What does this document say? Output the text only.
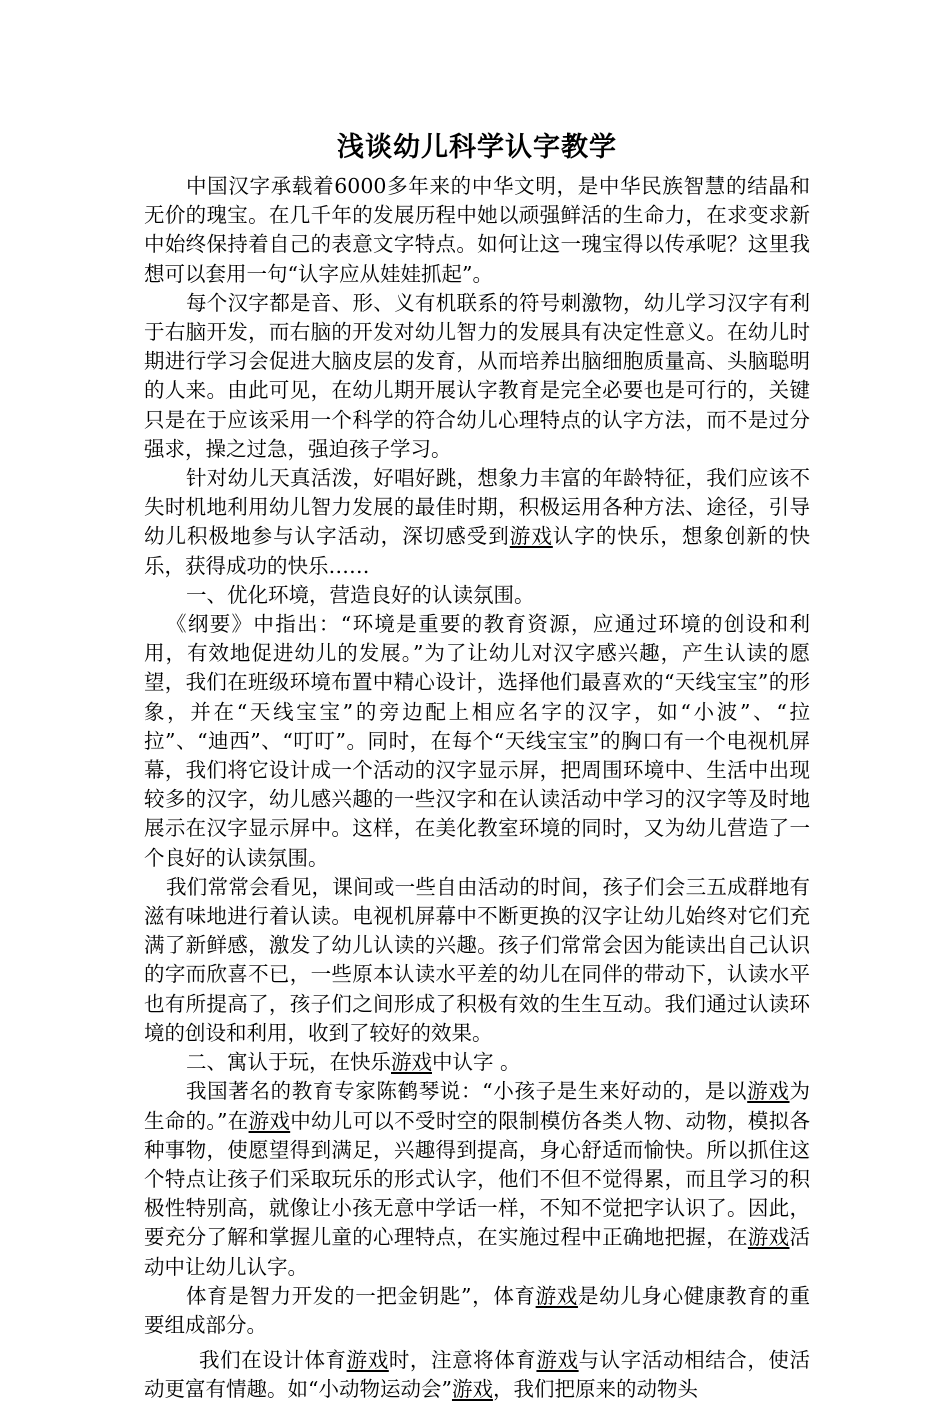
浅谈幼儿科学认字教学

中国汉字承载着6000多年来的中华文明，是中华民族智慧的结晶和无价的瑰宝。在几千年的发展历程中她以顽强鲜活的生命力，在求变求新中始终保持着自己的表意文字特点。如何让这一瑰宝得以传承呢？这里我想可以套用一句“认字应从娃娃抓起”。

每个汉字都是音、形、义有机联系的符号刺激物，幼儿学习汉字有利于右脑开发，而右脑的开发对幼儿智力的发展具有决定性意义。在幼儿时期进行学习会促进大脑皮层的发育，从而培养出脑细胞质量高、头脑聪明的人来。由此可见，在幼儿期开展认字教育是完全必要也是可行的，关键只是在于应该采用一个科学的符合幼儿心理特点的认字方法，而不是过分强求，操之过急，强迫孩子学习。

针对幼儿天真活泼，好唱好跳，想象力丰富的年龄特征，我们应该不失时机地利用幼儿智力发展的最佳时期，积极运用各种方法、途径，引导幼儿积极地参与认字活动，深切感受到游戏认字的快乐，想象创新的快乐，获得成功的快乐……

一、优化环境，营造良好的认读氛围。

《纲要》中指出：“环境是重要的教育资源，应通过环境的创设和利用，有效地促进幼儿的发展。”为了让幼儿对汉字感兴趣，产生认读的愿望，我们在班级环境布置中精心设计，选择他们最喜欢的“天线宝宝”的形象，并在“天线宝宝”的旁边配上相应名字的汉字，如“小波”、“拉拉”、“迪西”、“叮叮”。同时，在每个“天线宝宝”的胸口有一个电视机屏幕，我们将它设计成一个活动的汉字显示屏，把周围环境中、生活中出现较多的汉字，幼儿感兴趣的一些汉字和在认读活动中学习的汉字等及时地展示在汉字显示屏中。这样，在美化教室环境的同时，又为幼儿营造了一个良好的认读氛围。

我们常常会看见，课间或一些自由活动的时间，孩子们会三五成群地有滋有味地进行着认读。电视机屏幕中不断更换的汉字让幼儿始终对它们充满了新鲜感，激发了幼儿认读的兴趣。孩子们常常会因为能读出自己认识的字而欣喜不已，一些原本认读水平差的幼儿在同伴的带动下，认读水平也有所提高了，孩子们之间形成了积极有效的生生互动。我们通过认读环境的创设和利用，收到了较好的效果。

二、寓认于玩，在快乐游戏中认字 。

我国著名的教育专家陈鹤琴说：“小孩子是生来好动的，是以游戏为生命的。”在游戏中幼儿可以不受时空的限制模仿各类人物、动物，模拟各种事物，使愿望得到满足，兴趣得到提高，身心舒适而愉快。所以抓住这个特点让孩子们采取玩乐的形式认字，他们不但不觉得累，而且学习的积极性特别高，就像让小孩无意中学话一样，不知不觉把字认识了。因此，要充分了解和掌握儿童的心理特点，在实施过程中正确地把握，在游戏活动中让幼儿认字。

体育是智力开发的一把金钥匙”，体育游戏是幼儿身心健康教育的重要组成部分。

我们在设计体育游戏时，注意将体育游戏与认字活动相结合，使活动更富有情趣。如“小动物运动会”游戏，我们把原来的动物头
